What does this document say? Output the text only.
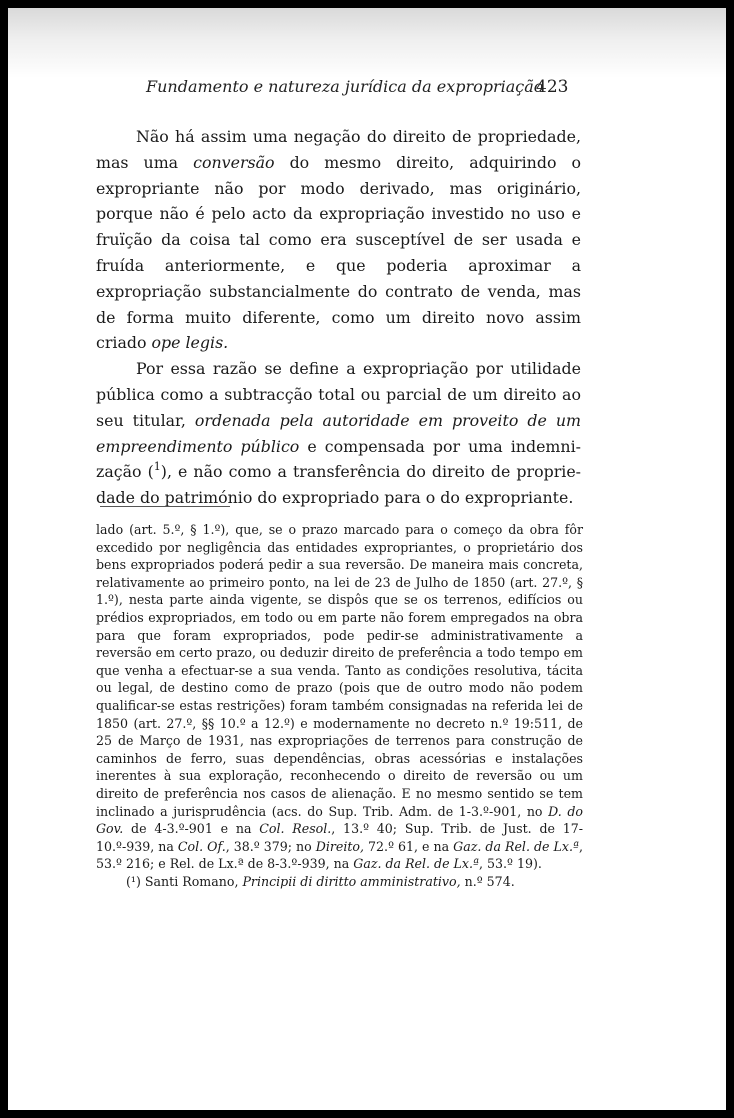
Fundamento e natureza jurídica da expropriação
423

Não há assim uma negação do direito de propriedade, mas uma conversão do mesmo direito, adquirindo o expropriante não por modo derivado, mas originário, porque não é pelo acto da expropriação investido no uso e fruïção da coisa tal como era susceptível de ser usada e fruída anteriormente, e que poderia aproximar a expropriação substancialmente do contrato de venda, mas de forma muito diferente, como um direito novo assim criado ope legis.

Por essa razão se define a expropriação por utilidade pública como a subtracção total ou parcial de um direito ao seu titular, ordenada pela autoridade em proveito de um empreendimento público e compensada por uma indemnização ($^1$), e não como a transferência do direito de propriedade do património do expropriado para o do expropriante.

lado (art. 5.º, § 1.º), que, se o prazo marcado para o começo da obra fôr excedido por negligência das entidades expropriantes, o proprietário dos bens expropriados poderá pedir a sua reversão. De maneira mais concreta, relativamente ao primeiro ponto, na lei de 23 de Julho de 1850 (art. 27.º, § 1.º), nesta parte ainda vigente, se dispôs que se os terrenos, edifícios ou prédios expropriados, em todo ou em parte não forem empregados na obra para que foram expropriados, pode pedir-se administrativamente a reversão em certo prazo, ou deduzir direito de preferência a todo tempo em que venha a efectuar-se a sua venda. Tanto as condições resolutiva, tácita ou legal, de destino como de prazo (pois que de outro modo não podem qualificar-se estas restrições) foram também consignadas na referida lei de 1850 (art. 27.º, §§ 10.º a 12.º) e modernamente no decreto n.º 19:511, de 25 de Março de 1931, nas expropriações de terrenos para construção de caminhos de ferro, suas dependências, obras acessórias e instalações inerentes à sua exploração, reconhecendo o direito de reversão ou um direito de preferência nos casos de alienação. E no mesmo sentido se tem inclinado a jurisprudência (acs. do Sup. Trib. Adm. de 1-3.º-901, no D. do Gov. de 4-3.º-901 e na Col. Resol., 13.º 40; Sup. Trib. de Just. de 17-10.º-939, na Col. Of., 38.º 379; no Direito, 72.º 61, e na Gaz. da Rel. de Lx.ª, 53.º 216; e Rel. de Lx.ª de 8-3.º-939, na Gaz. da Rel. de Lx.ª, 53.º 19).

(¹) Santi Romano, Principii di diritto amministrativo, n.º 574.
